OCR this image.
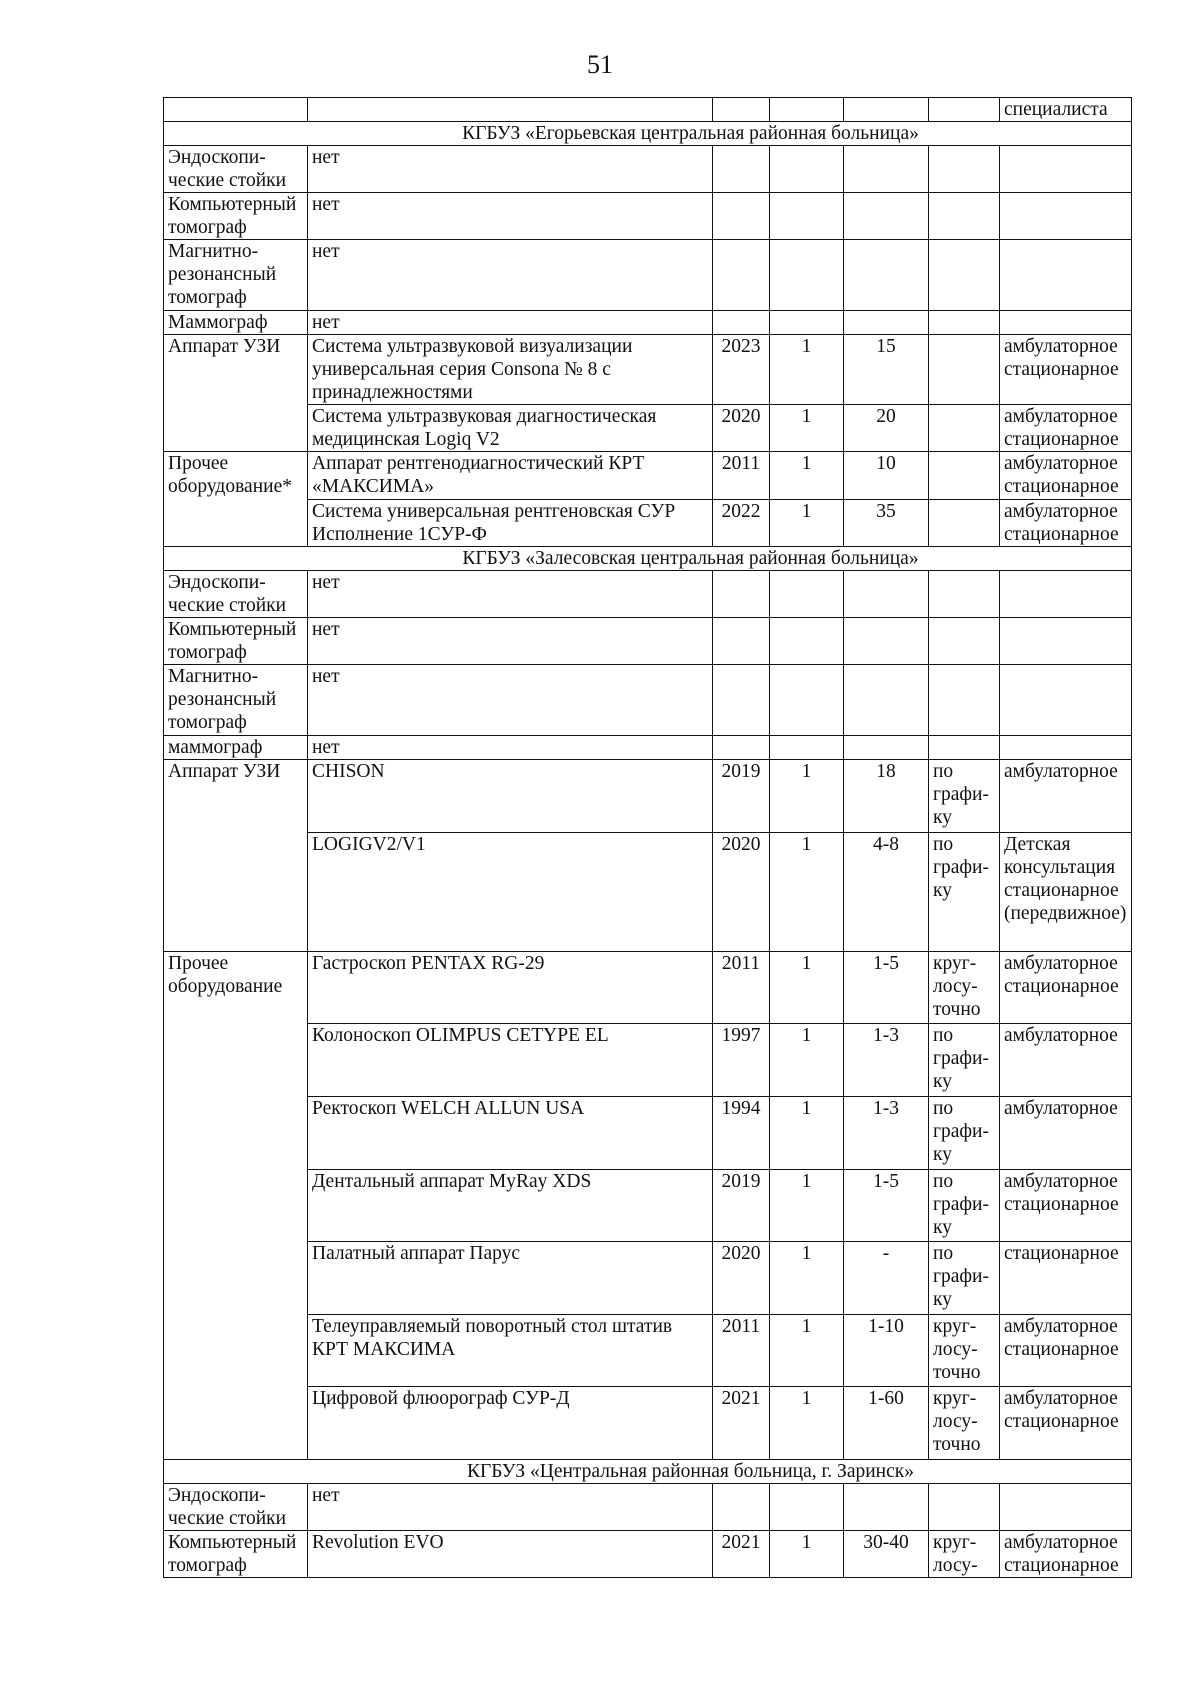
51
						специалиста
КГБУЗ «Егорьевская центральная районная больница»						
Эндоскопи-ческие стойки	нет					
Компьютерный томограф	нет					
Магнитно-резонансный томограф	нет					
Маммограф	нет					
Аппарат УЗИ	Система ультразвуковой визуализации универсальная серия Consona № 8 с принадлежностями	2023	1	15		амбулаторное стационарное
	Система ультразвуковая диагностическая медицинская Logiq V2	2020	1	20		амбулаторное стационарное
Прочее оборудование*	Аппарат рентгенодиагностический КРТ «МАКСИМА»	2011	1	10		амбулаторное стационарное
	Система универсальная рентгеновская СУР Исполнение 1СУР-Ф	2022	1	35		амбулаторное стационарное
КГБУЗ «Залесовская центральная районная больница»						
Эндоскопи-ческие стойки	нет					
Компьютерный томограф	нет					
Магнитно-резонансный томограф	нет					
маммограф	нет					
Аппарат УЗИ	CHISON	2019	1	18	по графи-ку	амбулаторное
	LOGIGV2/V1	2020	1	4-8	по графи-ку	Детская консультация стационарное (передвижное)
Прочее оборудование	Гастроскоп PENTAX RG-29	2011	1	1-5	круг-лосу-точно	амбулаторное стационарное
	Колоноскоп OLIMPUS CETYPE EL	1997	1	1-3	по графи-ку	амбулаторное
	Ректоскоп WELCH ALLUN USA	1994	1	1-3	по графи-ку	амбулаторное
	Дентальный аппарат MyRay XDS	2019	1	1-5	по графи-ку	амбулаторное стационарное
	Палатный аппарат Парус	2020	1	-	по графи-ку	стационарное
	Телеуправляемый поворотный стол штатив КРТ МАКСИМА	2011	1	1-10	круг-лосу-точно	амбулаторное стационарное
	Цифровой флюорограф СУР-Д	2021	1	1-60	круг-лосу-точно	амбулаторное стационарное
КГБУЗ «Центральная районная больница, г. Заринск»						
Эндоскопи-ческие стойки	нет					
Компьютерный томограф	Revolution EVO	2021	1	30-40	круг-лосу-	амбулаторное стационарное
